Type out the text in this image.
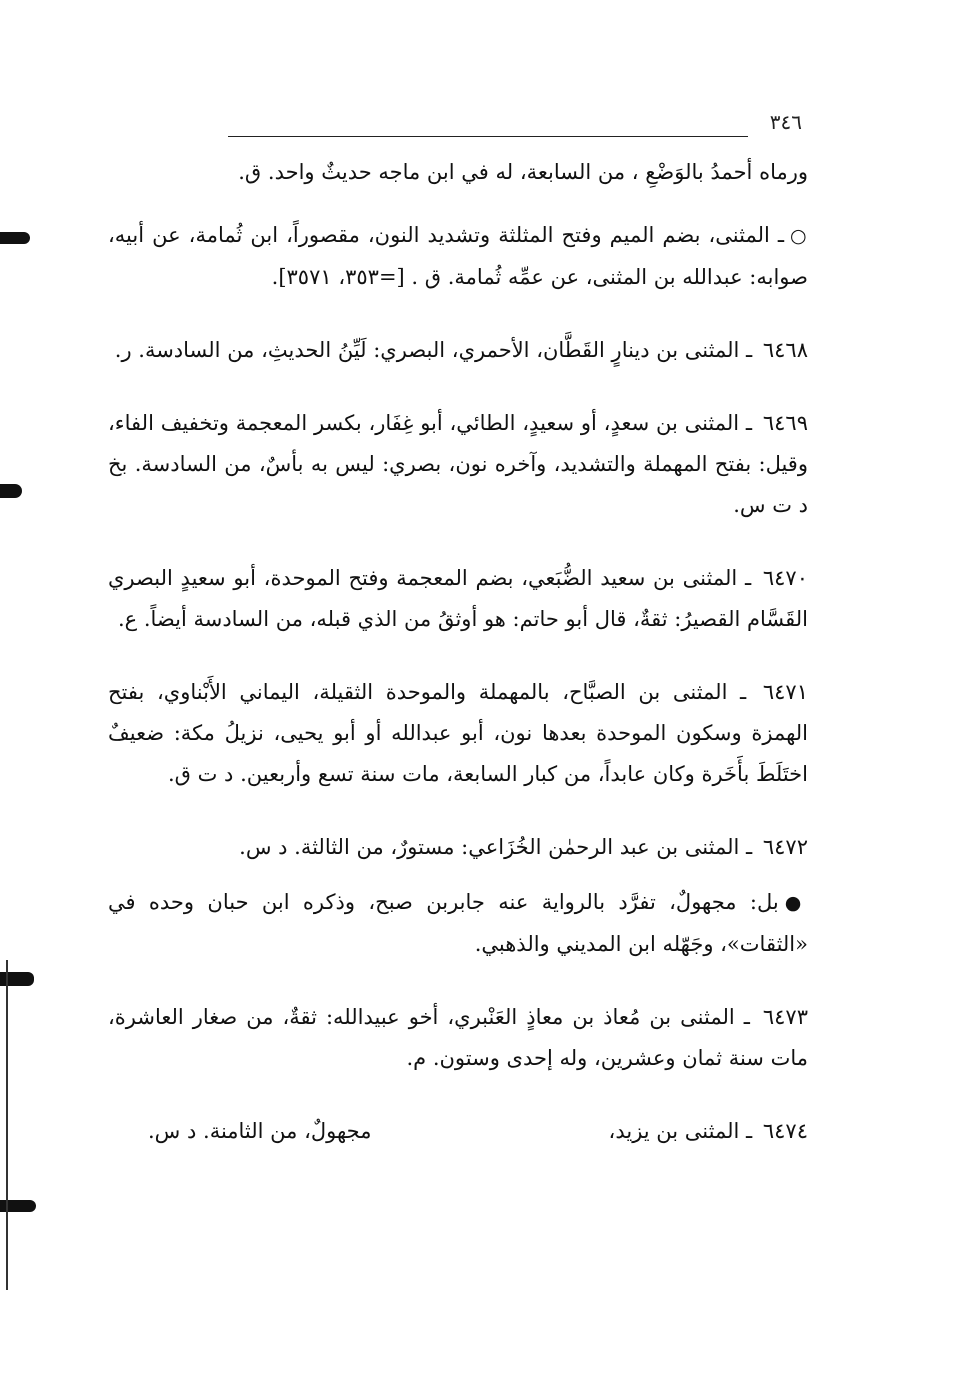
٣٤٦

ورماه أحمدُ بالوَضْعِ ، من السابعة، له في ابن ماجه حديثٌ واحد. ق.

○ـ المثنى، بضم الميم وفتح المثلثة وتشديد النون، مقصوراً، ابن ثُمامة، عن أبيه، صوابه: عبدالله بن المثنى، عن عمِّه ثُمامة. ق . [=٣٥٣، ٣٥٧١].

٦٤٦٨ ـ المثنى بن دينارٍ القَطَّان، الأحمري، البصري: لَيِّنُ الحديثِ، من السادسة. ر.

٦٤٦٩ ـ المثنى بن سعدٍ، أو سعيدٍ، الطائي، أبو غِفَار، بكسر المعجمة وتخفيف الفاء، وقيل: بفتح المهملة والتشديد، وآخره نون، بصري: ليس به بأسٌ، من السادسة. بخ د ت س.

٦٤٧٠ ـ المثنى بن سعيد الضُّبَعي، بضم المعجمة وفتح الموحدة، أبو سعيدٍ البصري القَسَّام القصيرُ: ثقةٌ، قال أبو حاتم: هو أوثقُ من الذي قبله، من السادسة أيضاً. ع.

٦٤٧١ ـ المثنى بن الصبَّاح، بالمهملة والموحدة الثقيلة، اليماني الأَبْناوي، بفتح الهمزة وسكون الموحدة بعدها نون، أبو عبدالله أو أبو يحيى، نزيلُ مكة: ضعيفٌ اختَلَطَ بأَخَرة وكان عابداً، من كبار السابعة، مات سنة تسع وأربعين. د ت ق.

٦٤٧٢ ـ المثنى بن عبد الرحمٰن الخُزَاعي: مستورٌ، من الثالثة. د س.

●بل: مجهولٌ، تفرَّد بالرواية عنه جابربن صبح، وذكره ابن حبان وحده في «الثقات»، وجَهّله ابن المديني والذهبي.

٦٤٧٣ ـ المثنى بن مُعاذ بن معاذٍ العَنْبري، أخو عبيدالله: ثقةٌ، من صغار العاشرة، مات سنة ثمان وعشرين، وله إحدى وستون. م.

٦٤٧٤ ـ المثنى بن يزيد،
مجهولٌ، من الثامنة. د س.
